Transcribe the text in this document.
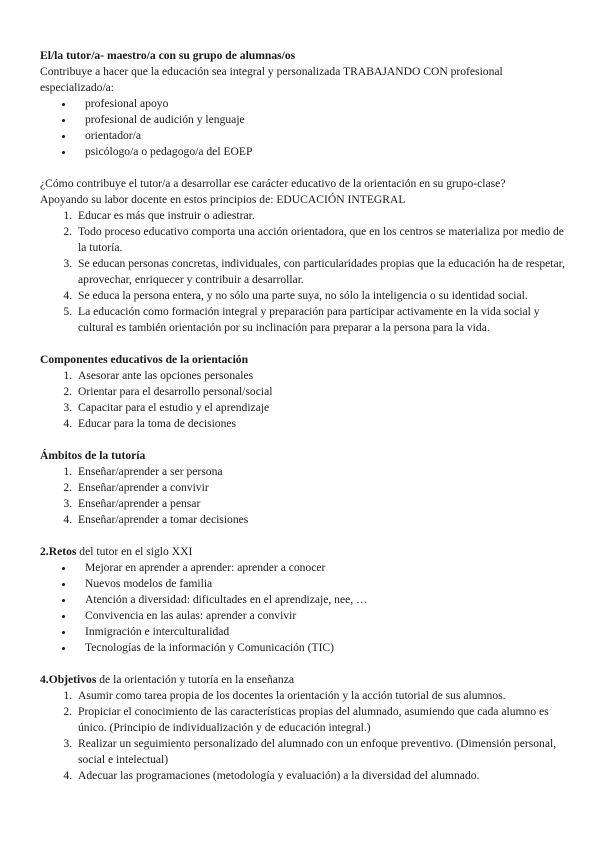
El/la tutor/a- maestro/a con su grupo de alumnas/os

Contribuye a hacer que la educación sea integral y personalizada TRABAJANDO CON profesional especializado/a:

• profesional apoyo
• profesional de audición y lenguaje
• orientador/a
• psicólogo/a o pedagogo/a del EOEP

¿Cómo contribuye el tutor/a a desarrollar ese carácter educativo de la orientación en su grupo-clase?

Apoyando su labor docente en estos principios de: EDUCACIÓN INTEGRAL

1. Educar es más que instruir o adiestrar.
2. Todo proceso educativo comporta una acción orientadora, que en los centros se materializa por medio de la tutoría.
3. Se educan personas concretas, individuales, con particularidades propias que la educación ha de respetar, aprovechar, enriquecer y contribuir a desarrollar.
4. Se educa la persona entera, y no sólo una parte suya, no sólo la inteligencia o su identidad social.
5. La educación como formación integral y preparación para participar activamente en la vida social y cultural es también orientación por su inclinación para preparar a la persona para la vida.

Componentes educativos de la orientación

1. Asesorar ante las opciones personales
2. Orientar para el desarrollo personal/social
3. Capacitar para el estudio y el aprendizaje
4. Educar para la toma de decisiones

Ámbitos de la tutoría

1. Enseñar/aprender a ser persona
2. Enseñar/aprender a convivir
3. Enseñar/aprender a pensar
4. Enseñar/aprender a tomar decisiones

2.Retos del tutor en el siglo XXI

• Mejorar en aprender a aprender: aprender a conocer
• Nuevos modelos de familia
• Atención a diversidad: dificultades en el aprendizaje, nee, …
• Convivencia en las aulas: aprender a convivir
• Inmigración e interculturalidad
• Tecnologías de la información y Comunicación (TIC)

4.Objetivos de la orientación y tutoría en la enseñanza

1. Asumir como tarea propia de los docentes la orientación y la acción tutorial de sus alumnos.
2. Propiciar el conocimiento de las características propias del alumnado, asumiendo que cada alumno es único. (Principio de individualización y de educación integral.)
3. Realizar un seguimiento personalizado del alumnado con un enfoque preventivo. (Dimensión personal, social e intelectual)
4. Adecuar las programaciones (metodología y evaluación) a la diversidad del alumnado.
